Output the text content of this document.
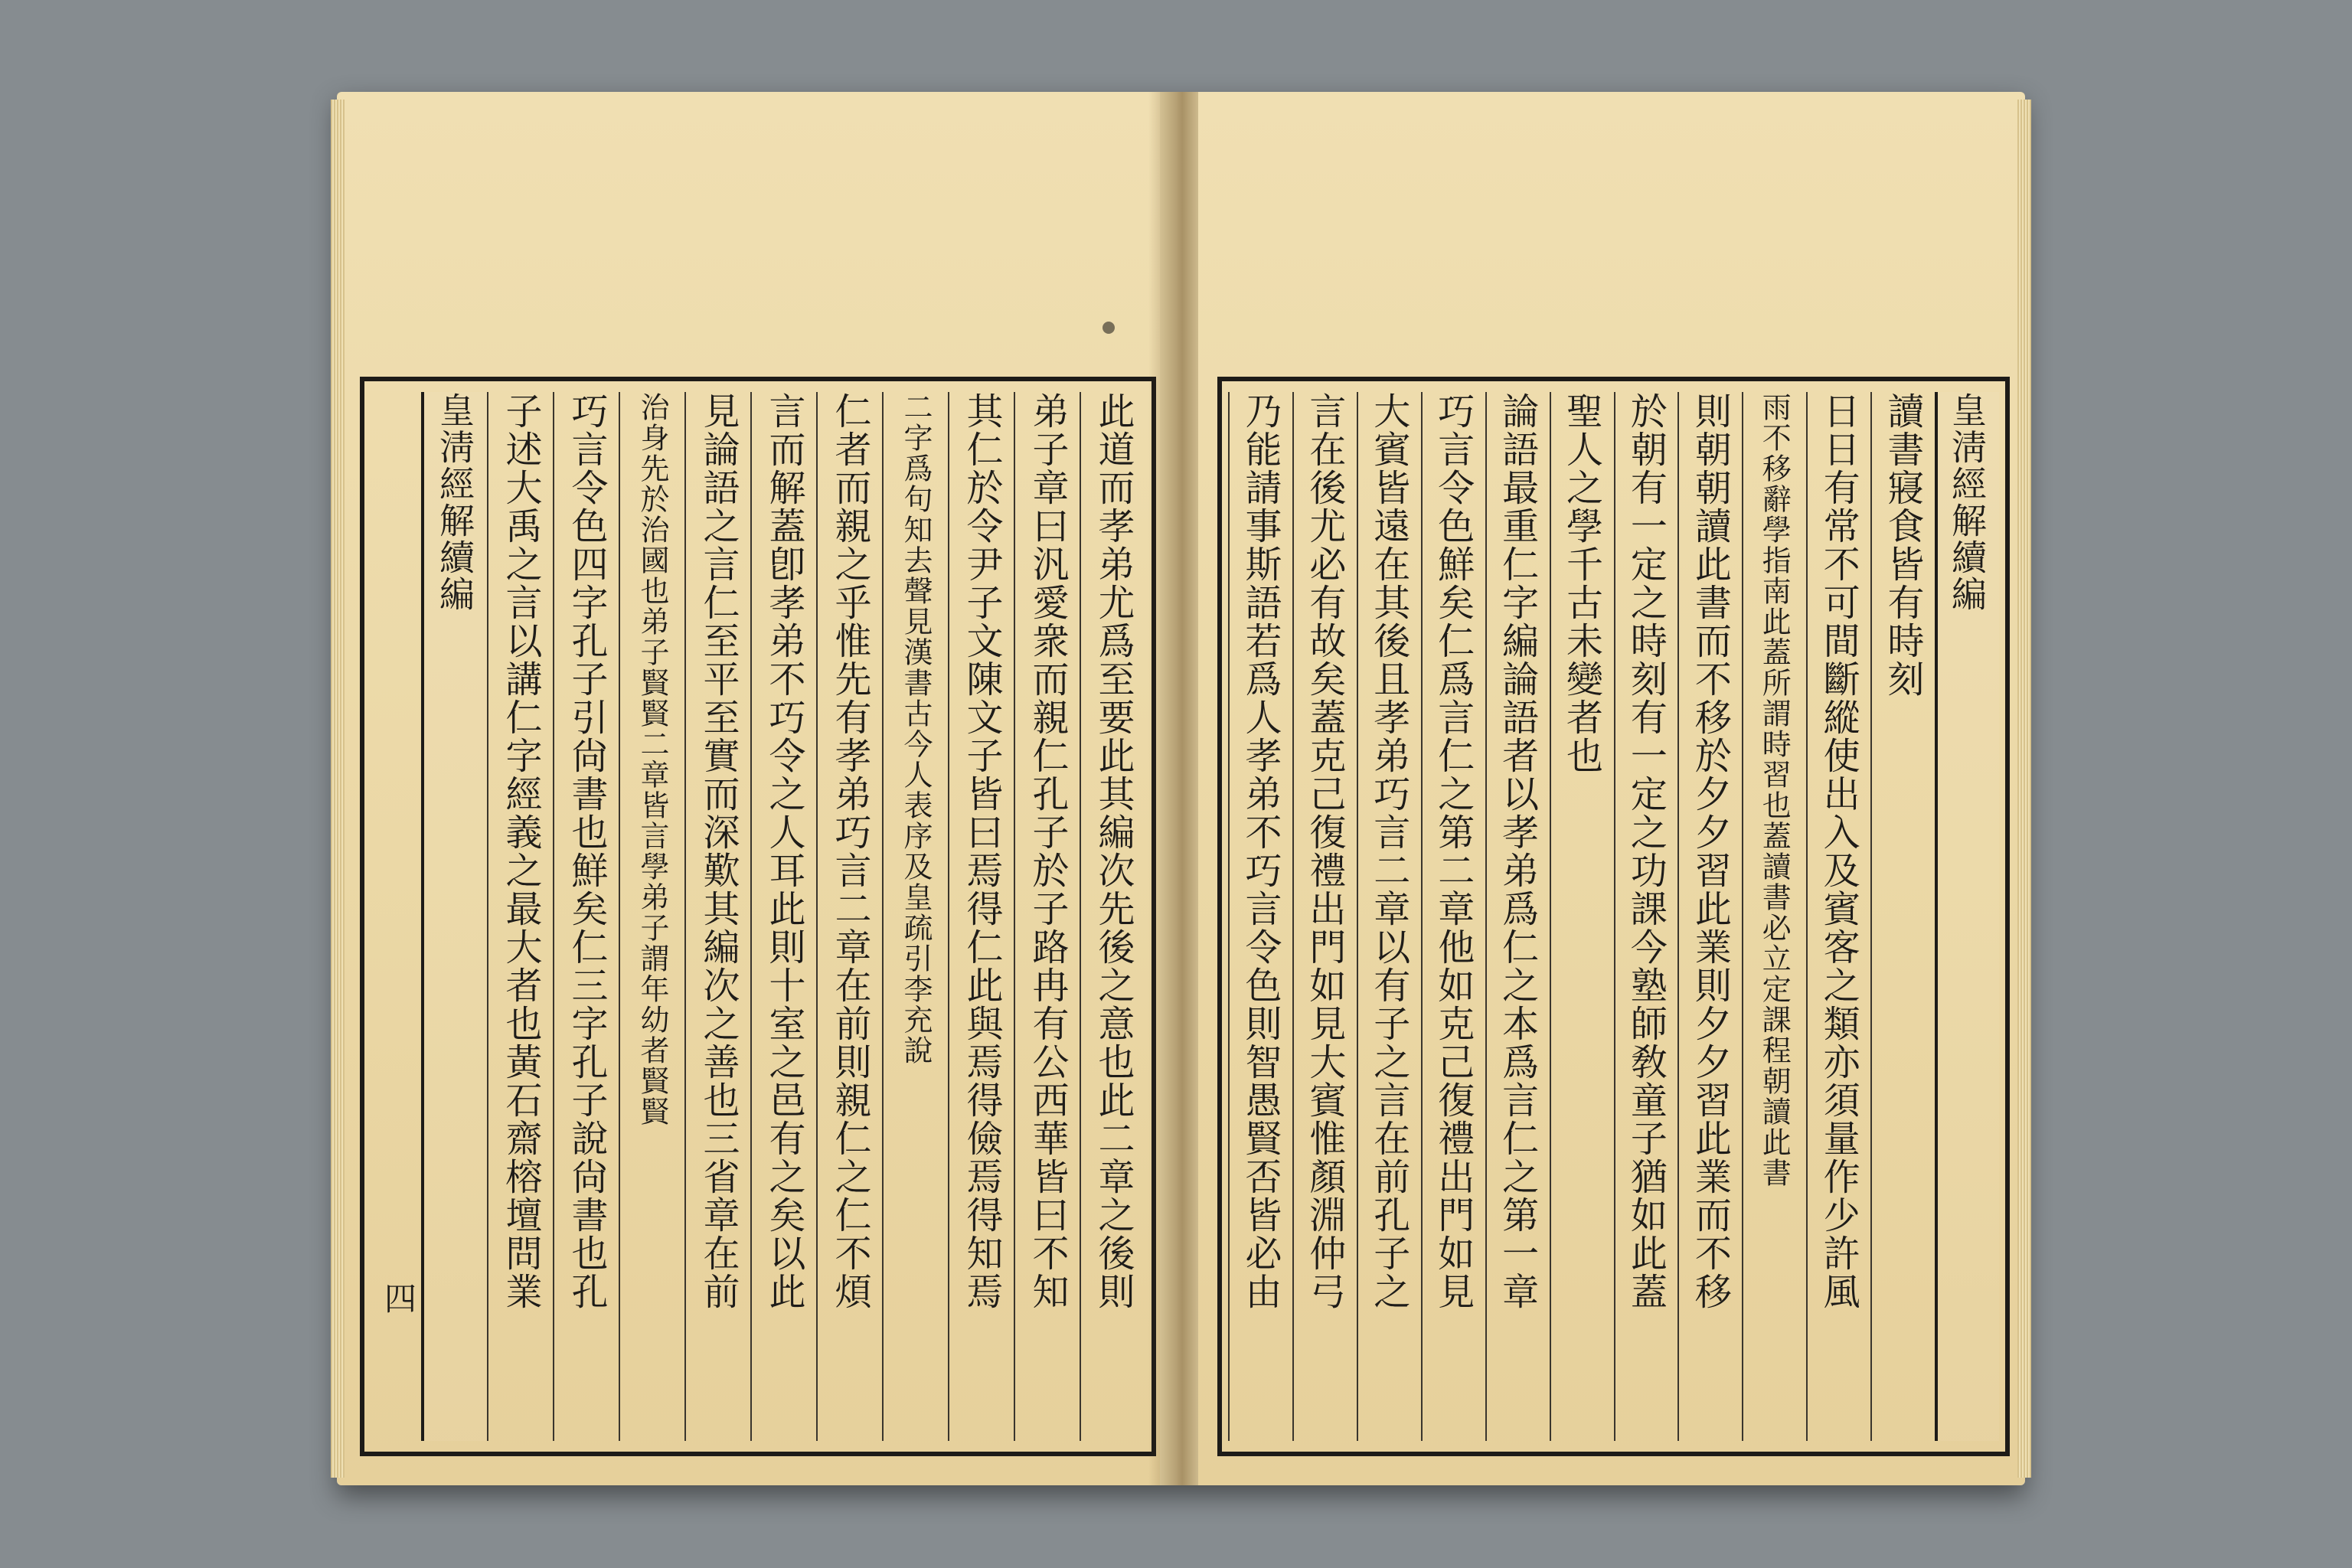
此道而孝弟尤爲至要此其編次先後之意也此二章之後則
弟子章曰汎愛衆而親仁孔子於子路冉有公西華皆曰不知
其仁於令尹子文陳文子皆曰焉得仁此與焉得儉焉得知焉
二字爲句知去聲見漢書古今人表序及皇疏引李充說
仁者而親之乎惟先有孝弟巧言二章在前則親仁之仁不煩
言而解蓋卽孝弟不巧令之人耳此則十室之邑有之矣以此
見論語之言仁至平至實而深歎其編次之善也三省章在前
治身先於治國也弟子賢賢二章皆言學弟子謂年幼者賢賢
巧言令色四字孔子引尙書也鮮矣仁三字孔子說尙書也孔
子述大禹之言以講仁字經義之最大者也黃石齋榕壇問業
皇淸經解續編
四
皇淸經解續編
讀書寢食皆有時刻
日日有常不可間斷縱使出入及賓客之類亦須量作少許風
雨不移辭學指南此蓋所謂時習也蓋讀書必立定課程朝讀此書
則朝朝讀此書而不移於夕夕習此業則夕夕習此業而不移
於朝有一定之時刻有一定之功課今塾師敎童子猶如此蓋
聖人之學千古未變者也
論語最重仁字編論語者以孝弟爲仁之本爲言仁之第一章
巧言令色鮮矣仁爲言仁之第二章他如克己復禮出門如見
大賓皆遠在其後且孝弟巧言二章以有子之言在前孔子之
言在後尤必有故矣蓋克己復禮出門如見大賓惟顏淵仲弓
乃能請事斯語若爲人孝弟不巧言令色則智愚賢否皆必由
